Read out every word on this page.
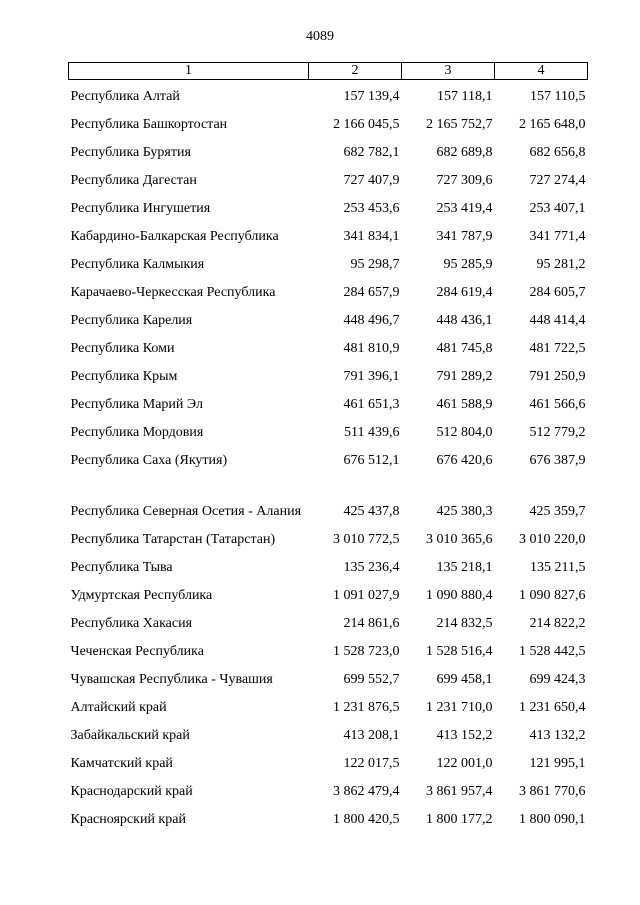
4089
1	2	3	4
Республика Алтай	157 139,4	157 118,1	157 110,5
Республика Башкортостан	2 166 045,5	2 165 752,7	2 165 648,0
Республика Бурятия	682 782,1	682 689,8	682 656,8
Республика Дагестан	727 407,9	727 309,6	727 274,4
Республика Ингушетия	253 453,6	253 419,4	253 407,1
Кабардино-Балкарская Республика	341 834,1	341 787,9	341 771,4
Республика Калмыкия	95 298,7	95 285,9	95 281,2
Карачаево-Черкесская Республика	284 657,9	284 619,4	284 605,7
Республика Карелия	448 496,7	448 436,1	448 414,4
Республика Коми	481 810,9	481 745,8	481 722,5
Республика Крым	791 396,1	791 289,2	791 250,9
Республика Марий Эл	461 651,3	461 588,9	461 566,6
Республика Мордовия	511 439,6	512 804,0	512 779,2
Республика Саха (Якутия)	676 512,1	676 420,6	676 387,9
Республика Северная Осетия - Алания	425 437,8	425 380,3	425 359,7
Республика Татарстан (Татарстан)	3 010 772,5	3 010 365,6	3 010 220,0
Республика Тыва	135 236,4	135 218,1	135 211,5
Удмуртская Республика	1 091 027,9	1 090 880,4	1 090 827,6
Республика Хакасия	214 861,6	214 832,5	214 822,2
Чеченская Республика	1 528 723,0	1 528 516,4	1 528 442,5
Чувашская Республика - Чувашия	699 552,7	699 458,1	699 424,3
Алтайский край	1 231 876,5	1 231 710,0	1 231 650,4
Забайкальский край	413 208,1	413 152,2	413 132,2
Камчатский край	122 017,5	122 001,0	121 995,1
Краснодарский край	3 862 479,4	3 861 957,4	3 861 770,6
Красноярский край	1 800 420,5	1 800 177,2	1 800 090,1
